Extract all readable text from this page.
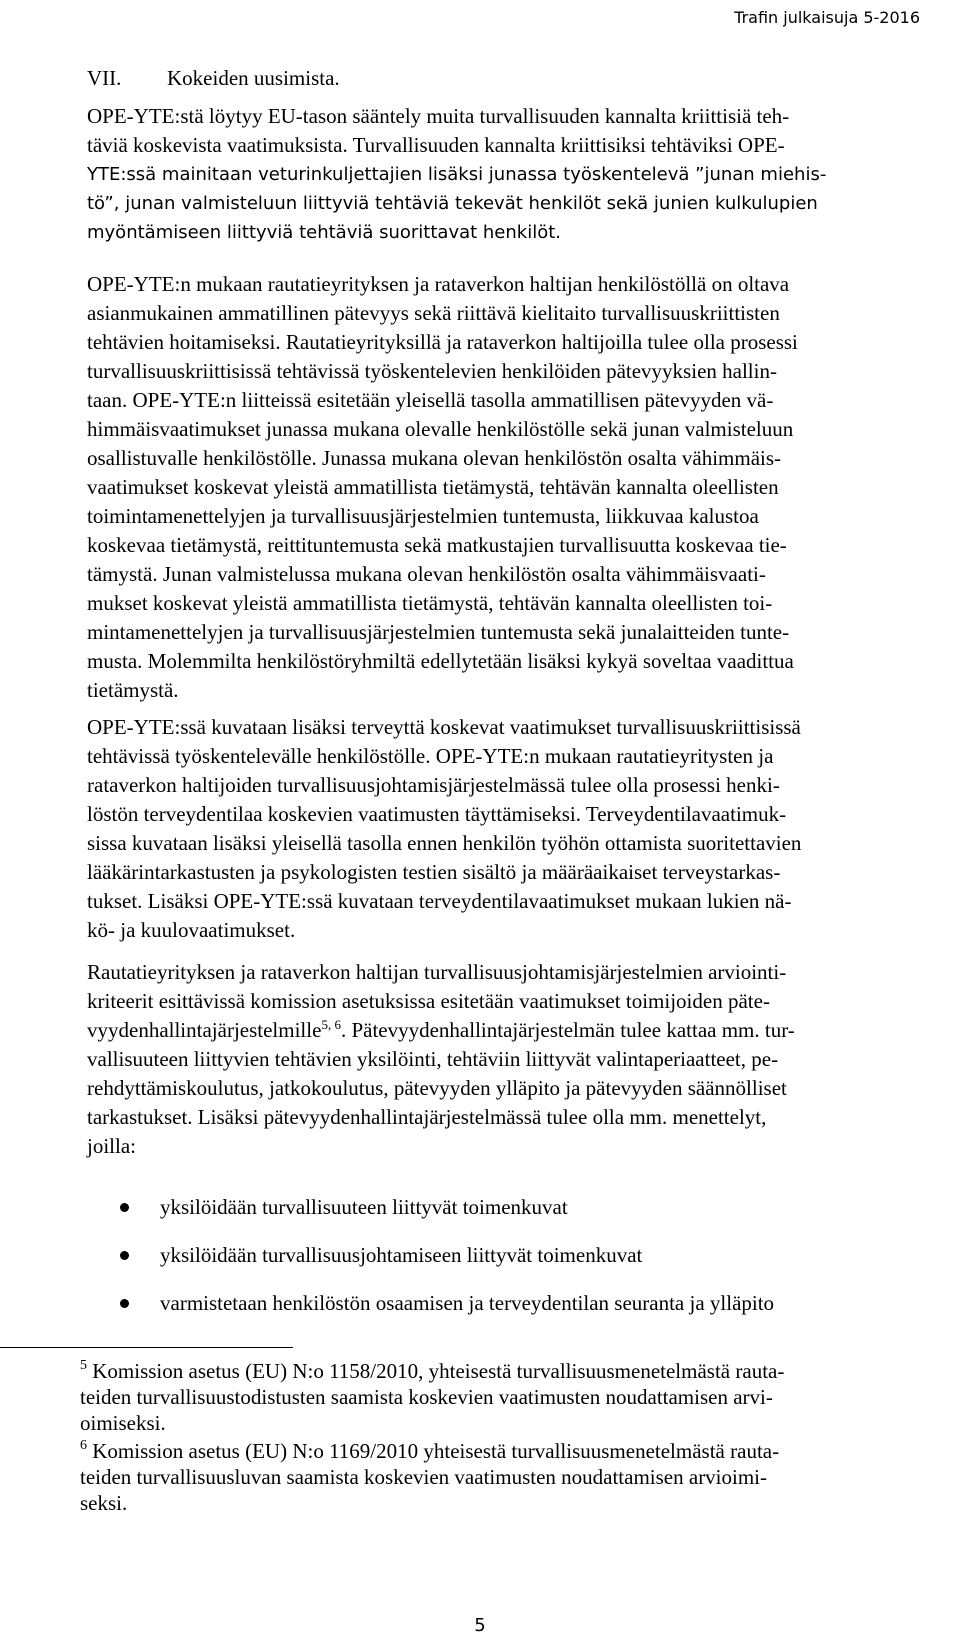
Trafin julkaisuja 5-2016
VII. Kokeiden uusimista.
OPE-YTE:stä löytyy EU-tason sääntely muita turvallisuuden kannalta kriittisiä teh-
täviä koskevista vaatimuksista. Turvallisuuden kannalta kriittisiksi tehtäviksi OPE-
YTE:ssä mainitaan veturinkuljettajien lisäksi junassa työskentelevä ”junan miehis-
tö”, junan valmisteluun liittyviä tehtäviä tekevät henkilöt sekä junien kulkulupien
myöntämiseen liittyviä tehtäviä suorittavat henkilöt.
OPE-YTE:n mukaan rautatieyrityksen ja rataverkon haltijan henkilöstöllä on oltava
asianmukainen ammatillinen pätevyys sekä riittävä kielitaito turvallisuuskriittisten
tehtävien hoitamiseksi. Rautatieyrityksillä ja rataverkon haltijoilla tulee olla prosessi
turvallisuuskriittisissä tehtävissä työskentelevien henkilöiden pätevyyksien hallin-
taan. OPE-YTE:n liitteissä esitetään yleisellä tasolla ammatillisen pätevyyden vä-
himmäisvaatimukset junassa mukana olevalle henkilöstölle sekä junan valmisteluun
osallistuvalle henkilöstölle. Junassa mukana olevan henkilöstön osalta vähimmäis-
vaatimukset koskevat yleistä ammatillista tietämystä, tehtävän kannalta oleellisten
toimintamenettelyjen ja turvallisuusjärjestelmien tuntemusta, liikkuvaa kalustoa
koskevaa tietämystä, reittituntemusta sekä matkustajien turvallisuutta koskevaa tie-
tämystä. Junan valmistelussa mukana olevan henkilöstön osalta vähimmäisvaati-
mukset koskevat yleistä ammatillista tietämystä, tehtävän kannalta oleellisten toi-
mintamenettelyjen ja turvallisuusjärjestelmien tuntemusta sekä junalaitteiden tunte-
musta. Molemmilta henkilöstöryhmiltä edellytetään lisäksi kykyä soveltaa vaadittua
tietämystä.
OPE-YTE:ssä kuvataan lisäksi terveyttä koskevat vaatimukset turvallisuuskriittisissä
tehtävissä työskentelevälle henkilöstölle. OPE-YTE:n mukaan rautatieyritysten ja
rataverkon haltijoiden turvallisuusjohtamisjärjestelmässä tulee olla prosessi henki-
löstön terveydentilaa koskevien vaatimusten täyttämiseksi. Terveydentilavaatimuk-
sissa kuvataan lisäksi yleisellä tasolla ennen henkilön työhön ottamista suoritettavien
lääkärintarkastusten ja psykologisten testien sisältö ja määräaikaiset terveystarkas-
tukset. Lisäksi OPE-YTE:ssä kuvataan terveydentilavaatimukset mukaan lukien nä-
kö- ja kuulovaatimukset.
Rautatieyrityksen ja rataverkon haltijan turvallisuusjohtamisjärjestelmien arviointi-
kriteerit esittävissä komission asetuksissa esitetään vaatimukset toimijoiden päte-
vyydenhallintajärjestelmille$^{5, 6}$. Pätevyydenhallintajärjestelmän tulee kattaa mm. tur-
vallisuuteen liittyvien tehtävien yksilöinti, tehtäviin liittyvät valintaperiaatteet, pe-
rehdyttämiskoulutus, jatkokoulutus, pätevyyden ylläpito ja pätevyyden säännölliset
tarkastukset. Lisäksi pätevyydenhallintajärjestelmässä tulee olla mm. menettelyt,
joilla:
yksilöidään turvallisuuteen liittyvät toimenkuvat
yksilöidään turvallisuusjohtamiseen liittyvät toimenkuvat
varmistetaan henkilöstön osaamisen ja terveydentilan seuranta ja ylläpito
$^5$ Komission asetus (EU) N:o 1158/2010, yhteisestä turvallisuusmenetelmästä rauta-
teiden turvallisuustodistusten saamista koskevien vaatimusten noudattamisen arvi-
oimiseksi.
$^6$ Komission asetus (EU) N:o 1169/2010 yhteisestä turvallisuusmenetelmästä rauta-
teiden turvallisuusluvan saamista koskevien vaatimusten noudattamisen arvioimi-
seksi.
5
